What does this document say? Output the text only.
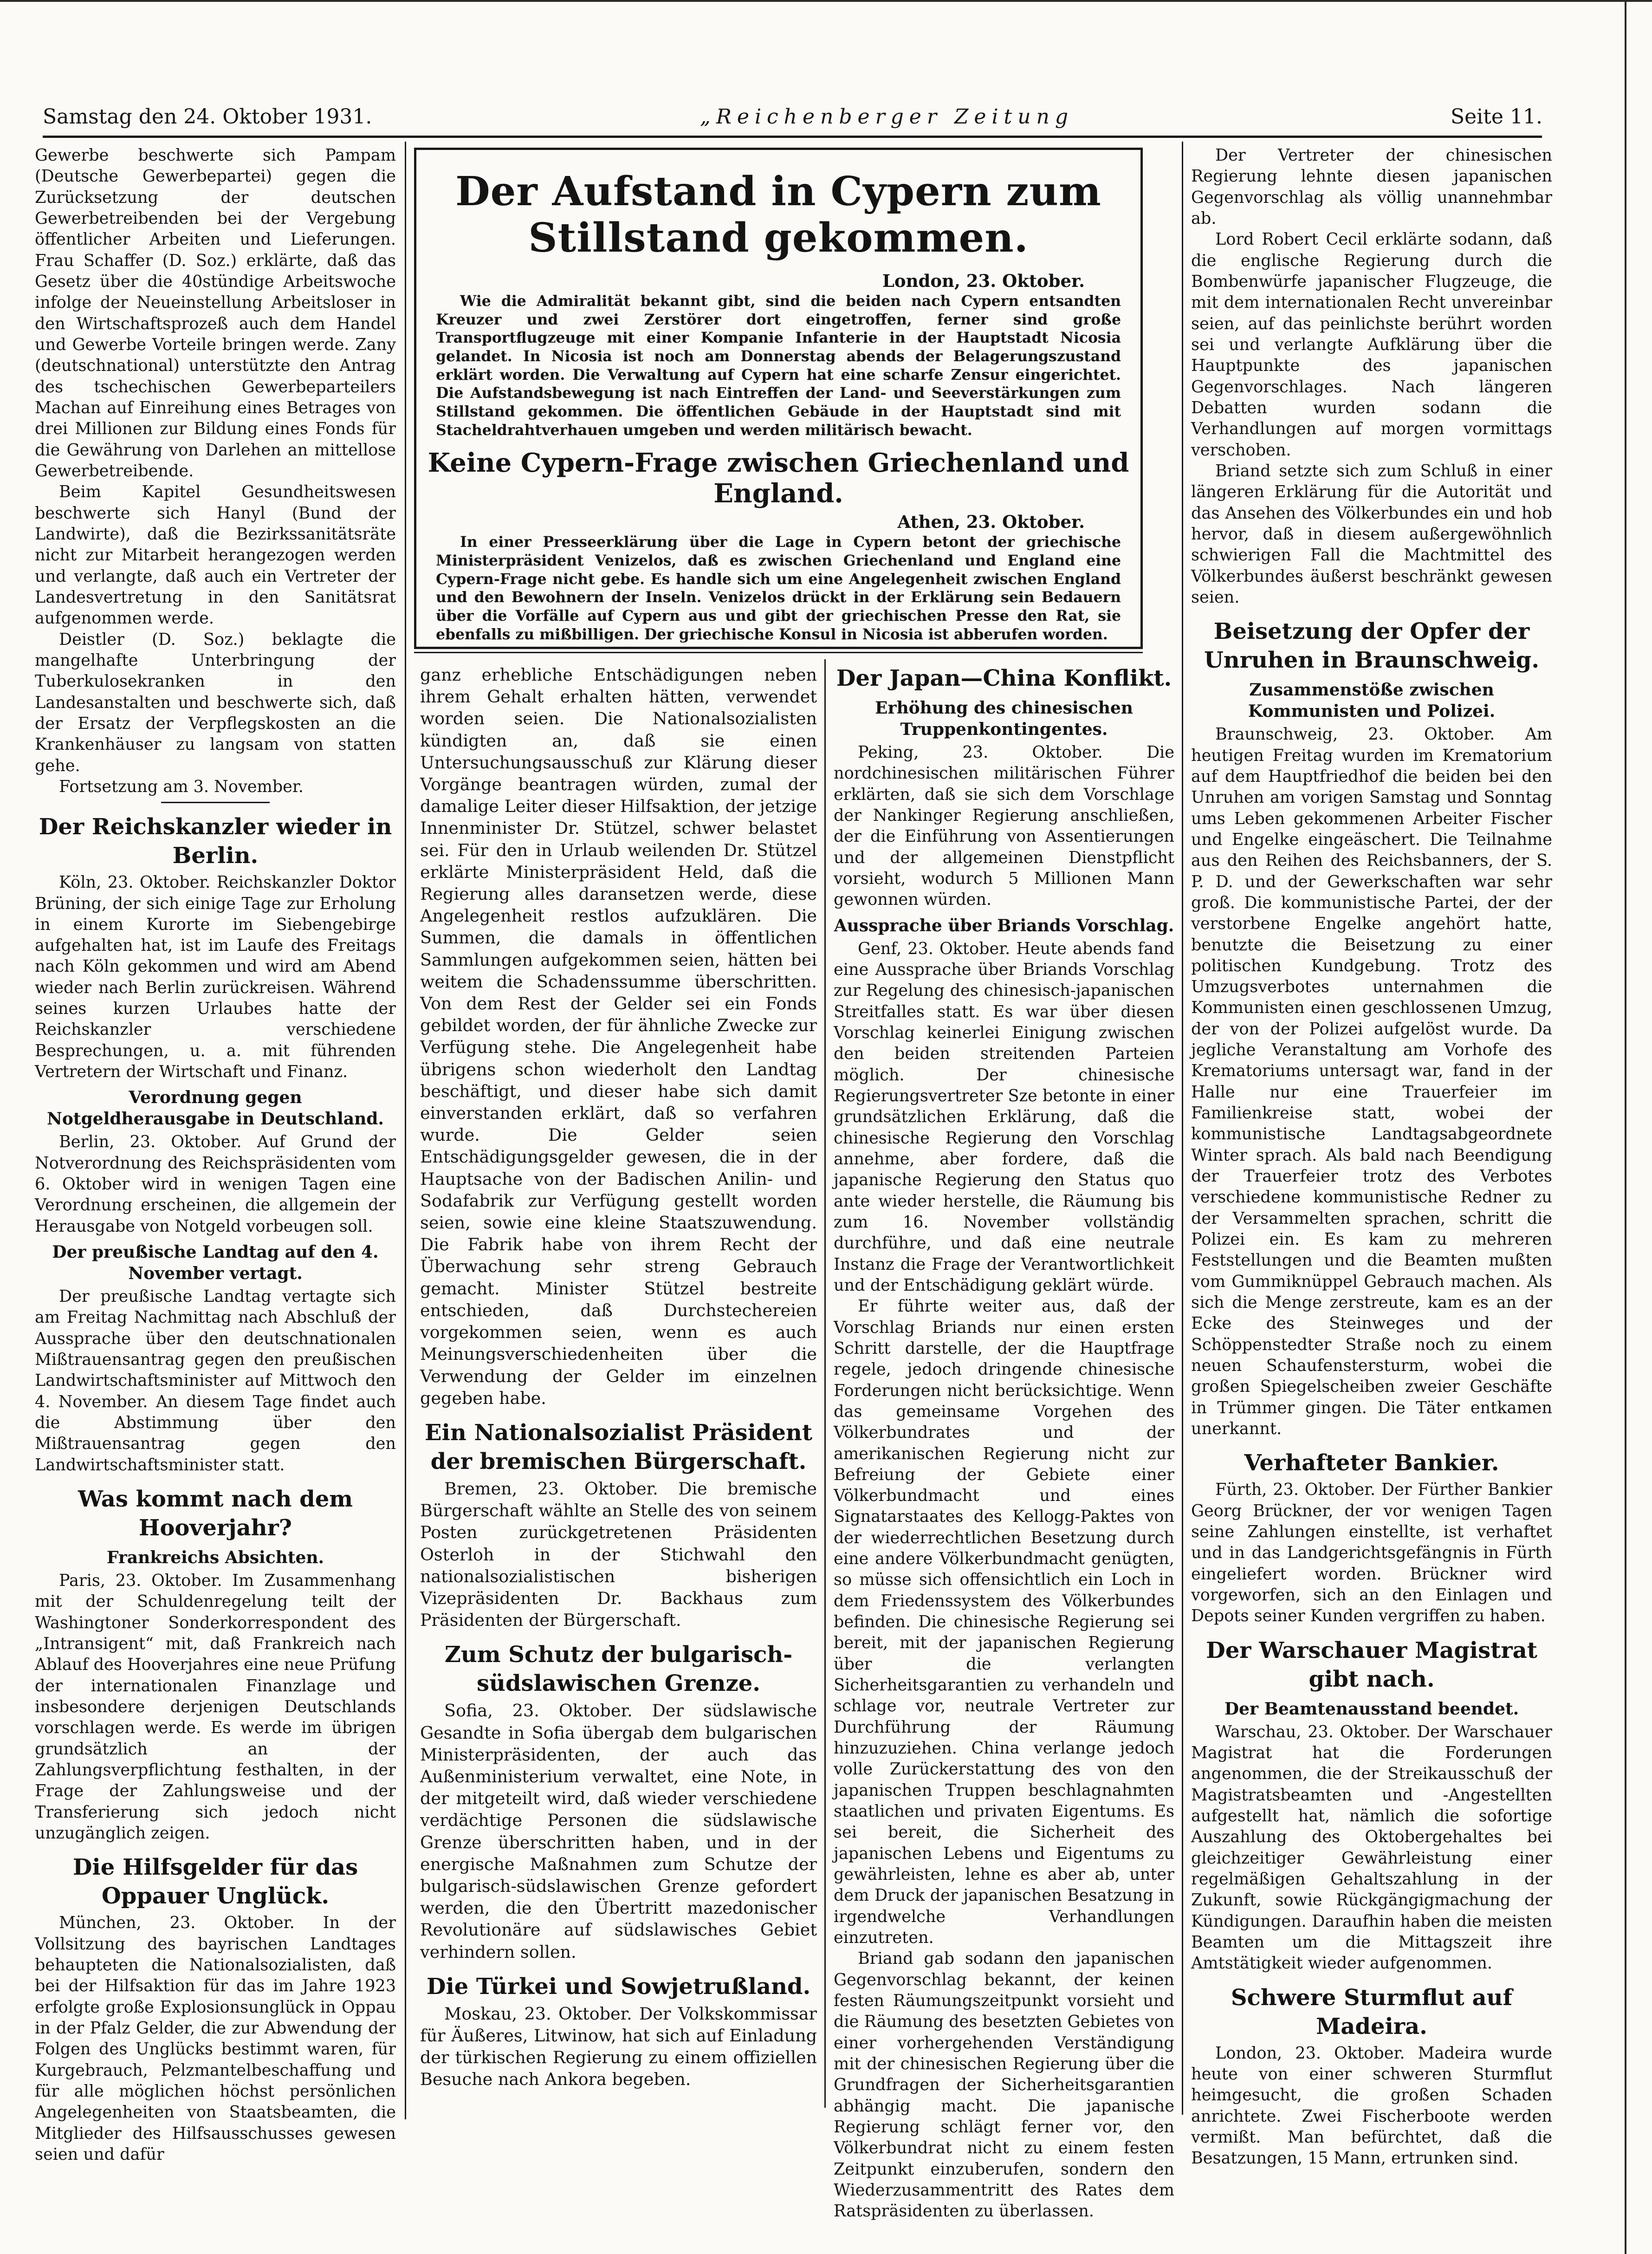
Samstag den 24. Oktober 1931.	„Reichenberger Zeitung	Seite 11.

Gewerbe beschwerte sich Pampam (Deutsche Gewerbepartei) gegen die Zurücksetzung der deutschen Gewerbetreibenden bei der Vergebung öffentlicher Arbeiten und Lieferungen. Frau Schaffer (D. Soz.) erklärte, daß das Gesetz über die 40stündige Arbeitswoche infolge der Neueinstellung Arbeitsloser in den Wirtschaftsprozeß auch dem Handel und Gewerbe Vorteile bringen werde. Zany (deutschnational) unterstützte den Antrag des tschechischen Gewerbeparteilers Machan auf Einreihung eines Betrages von drei Millionen zur Bildung eines Fonds für die Gewährung von Darlehen an mittellose Gewerbetreibende.

Beim Kapitel Gesundheitswesen beschwerte sich Hanyl (Bund der Landwirte), daß die Bezirkssanitätsräte nicht zur Mitarbeit herangezogen werden und verlangte, daß auch ein Vertreter der Landesvertretung in den Sanitätsrat aufgenommen werde.

Deistler (D. Soz.) beklagte die mangelhafte Unterbringung der Tuberkulosekranken in den Landesanstalten und beschwerte sich, daß der Ersatz der Verpflegskosten an die Krankenhäuser zu langsam von statten gehe.

Fortsetzung am 3. November.

Der Reichskanzler wieder in Berlin.

Köln, 23. Oktober. Reichskanzler Doktor Brüning, der sich einige Tage zur Erholung in einem Kurorte im Siebengebirge aufgehalten hat, ist im Laufe des Freitags nach Köln gekommen und wird am Abend wieder nach Berlin zurückreisen. Während seines kurzen Urlaubes hatte der Reichskanzler verschiedene Besprechungen, u. a. mit führenden Vertretern der Wirtschaft und Finanz.

Verordnung gegen Notgeldherausgabe in Deutschland.

Berlin, 23. Oktober. Auf Grund der Notverordnung des Reichspräsidenten vom 6. Oktober wird in wenigen Tagen eine Verordnung erscheinen, die allgemein der Herausgabe von Notgeld vorbeugen soll.

Der preußische Landtag auf den 4. November vertagt.

Der preußische Landtag vertagte sich am Freitag Nachmittag nach Abschluß der Aussprache über den deutschnationalen Mißtrauensantrag gegen den preußischen Landwirtschaftsminister auf Mittwoch den 4. November. An diesem Tage findet auch die Abstimmung über den Mißtrauensantrag gegen den Landwirtschaftsminister statt.

Was kommt nach dem Hooverjahr?
Frankreichs Absichten.

Paris, 23. Oktober. Im Zusammenhang mit der Schuldenregelung teilt der Washingtoner Sonderkorrespondent des „Intransigent“ mit, daß Frankreich nach Ablauf des Hooverjahres eine neue Prüfung der internationalen Finanzlage und insbesondere derjenigen Deutschlands vorschlagen werde. Es werde im übrigen grundsätzlich an der Zahlungsverpflichtung festhalten, in der Frage der Zahlungsweise und der Transferierung sich jedoch nicht unzugänglich zeigen.

Die Hilfsgelder für das Oppauer Unglück.

München, 23. Oktober. In der Vollsitzung des bayrischen Landtages behaupteten die Nationalsozialisten, daß bei der Hilfsaktion für das im Jahre 1923 erfolgte große Explosionsunglück in Oppau in der Pfalz Gelder, die zur Abwendung der Folgen des Unglücks bestimmt waren, für Kurgebrauch, Pelzmantelbeschaffung und für alle möglichen höchst persönlichen Angelegenheiten von Staatsbeamten, die Mitglieder des Hilfsausschusses gewesen seien und dafür

Der Aufstand in Cypern zum Stillstand gekommen.
London, 23. Oktober.

Wie die Admiralität bekannt gibt, sind die beiden nach Cypern entsandten Kreuzer und zwei Zerstörer dort eingetroffen, ferner sind große Transportflugzeuge mit einer Kompanie Infanterie in der Hauptstadt Nicosia gelandet. In Nicosia ist noch am Donnerstag abends der Belagerungszustand erklärt worden. Die Verwaltung auf Cypern hat eine scharfe Zensur eingerichtet. Die Aufstandsbewegung ist nach Eintreffen der Land- und Seeverstärkungen zum Stillstand gekommen. Die öffentlichen Gebäude in der Hauptstadt sind mit Stacheldrahtverhauen umgeben und werden militärisch bewacht.

Keine Cypern-Frage zwischen Griechenland und England.
Athen, 23. Oktober.

In einer Presseerklärung über die Lage in Cypern betont der griechische Ministerpräsident Venizelos, daß es zwischen Griechenland und England eine Cypern-Frage nicht gebe. Es handle sich um eine Angelegenheit zwischen England und den Bewohnern der Inseln. Venizelos drückt in der Erklärung sein Bedauern über die Vorfälle auf Cypern aus und gibt der griechischen Presse den Rat, sie ebenfalls zu mißbilligen. Der griechische Konsul in Nicosia ist abberufen worden.

ganz erhebliche Entschädigungen neben ihrem Gehalt erhalten hätten, verwendet worden seien. Die Nationalsozialisten kündigten an, daß sie einen Untersuchungsausschuß zur Klärung dieser Vorgänge beantragen würden, zumal der damalige Leiter dieser Hilfsaktion, der jetzige Innenminister Dr. Stützel, schwer belastet sei. Für den in Urlaub weilenden Dr. Stützel erklärte Ministerpräsident Held, daß die Regierung alles daransetzen werde, diese Angelegenheit restlos aufzuklären. Die Summen, die damals in öffentlichen Sammlungen aufgekommen seien, hätten bei weitem die Schadenssumme überschritten. Von dem Rest der Gelder sei ein Fonds gebildet worden, der für ähnliche Zwecke zur Verfügung stehe. Die Angelegenheit habe übrigens schon wiederholt den Landtag beschäftigt, und dieser habe sich damit einverstanden erklärt, daß so verfahren wurde. Die Gelder seien Entschädigungsgelder gewesen, die in der Hauptsache von der Badischen Anilin- und Sodafabrik zur Verfügung gestellt worden seien, sowie eine kleine Staatszuwendung. Die Fabrik habe von ihrem Recht der Überwachung sehr streng Gebrauch gemacht. Minister Stützel bestreite entschieden, daß Durchstechereien vorgekommen seien, wenn es auch Meinungsverschiedenheiten über die Verwendung der Gelder im einzelnen gegeben habe.

Ein Nationalsozialist Präsident der bremischen Bürgerschaft.

Bremen, 23. Oktober. Die bremische Bürgerschaft wählte an Stelle des von seinem Posten zurückgetretenen Präsidenten Osterloh in der Stichwahl den nationalsozialistischen bisherigen Vizepräsidenten Dr. Backhaus zum Präsidenten der Bürgerschaft.

Zum Schutz der bulgarisch-südslawischen Grenze.

Sofia, 23. Oktober. Der südslawische Gesandte in Sofia übergab dem bulgarischen Ministerpräsidenten, der auch das Außenministerium verwaltet, eine Note, in der mitgeteilt wird, daß wieder verschiedene verdächtige Personen die südslawische Grenze überschritten haben, und in der energische Maßnahmen zum Schutze der bulgarisch-südslawischen Grenze gefordert werden, die den Übertritt mazedonischer Revolutionäre auf südslawisches Gebiet verhindern sollen.

Die Türkei und Sowjetrußland.

Moskau, 23. Oktober. Der Volkskommissar für Äußeres, Litwinow, hat sich auf Einladung der türkischen Regierung zu einem offiziellen Besuche nach Ankora begeben.

Der Japan—China Konflikt.
Erhöhung des chinesischen Truppenkontingentes.

Peking, 23. Oktober. Die nordchinesischen militärischen Führer erklärten, daß sie sich dem Vorschlage der Nankinger Regierung anschließen, der die Einführung von Assentierungen und der allgemeinen Dienstpflicht vorsieht, wodurch 5 Millionen Mann gewonnen würden.

Aussprache über Briands Vorschlag.

Genf, 23. Oktober. Heute abends fand eine Aussprache über Briands Vorschlag zur Regelung des chinesisch-japanischen Streitfalles statt. Es war über diesen Vorschlag keinerlei Einigung zwischen den beiden streitenden Parteien möglich. Der chinesische Regierungsvertreter Sze betonte in einer grundsätzlichen Erklärung, daß die chinesische Regierung den Vorschlag annehme, aber fordere, daß die japanische Regierung den Status quo ante wieder herstelle, die Räumung bis zum 16. November vollständig durchführe, und daß eine neutrale Instanz die Frage der Verantwortlichkeit und der Entschädigung geklärt würde.

Er führte weiter aus, daß der Vorschlag Briands nur einen ersten Schritt darstelle, der die Hauptfrage regele, jedoch dringende chinesische Forderungen nicht berücksichtige. Wenn das gemeinsame Vorgehen des Völkerbundrates und der amerikanischen Regierung nicht zur Befreiung der Gebiete einer Völkerbundmacht und eines Signatarstaates des Kellogg-Paktes von der wiederrechtlichen Besetzung durch eine andere Völkerbundmacht genügten, so müsse sich offensichtlich ein Loch in dem Friedenssystem des Völkerbundes befinden. Die chinesische Regierung sei bereit, mit der japanischen Regierung über die verlangten Sicherheitsgarantien zu verhandeln und schlage vor, neutrale Vertreter zur Durchführung der Räumung hinzuzuziehen. China verlange jedoch volle Zurückerstattung des von den japanischen Truppen beschlagnahmten staatlichen und privaten Eigentums. Es sei bereit, die Sicherheit des japanischen Lebens und Eigentums zu gewährleisten, lehne es aber ab, unter dem Druck der japanischen Besatzung in irgendwelche Verhandlungen einzutreten.

Briand gab sodann den japanischen Gegenvorschlag bekannt, der keinen festen Räumungszeitpunkt vorsieht und die Räumung des besetzten Gebietes von einer vorhergehenden Verständigung mit der chinesischen Regierung über die Grundfragen der Sicherheitsgarantien abhängig macht. Die japanische Regierung schlägt ferner vor, den Völkerbundrat nicht zu einem festen Zeitpunkt einzuberufen, sondern den Wiederzusammentritt des Rates dem Ratspräsidenten zu überlassen.

Der Vertreter der chinesischen Regierung lehnte diesen japanischen Gegenvorschlag als völlig unannehmbar ab.

Lord Robert Cecil erklärte sodann, daß die englische Regierung durch die Bombenwürfe japanischer Flugzeuge, die mit dem internationalen Recht unvereinbar seien, auf das peinlichste berührt worden sei und verlangte Aufklärung über die Hauptpunkte des japanischen Gegenvorschlages. Nach längeren Debatten wurden sodann die Verhandlungen auf morgen vormittags verschoben.

Briand setzte sich zum Schluß in einer längeren Erklärung für die Autorität und das Ansehen des Völkerbundes ein und hob hervor, daß in diesem außergewöhnlich schwierigen Fall die Machtmittel des Völkerbundes äußerst beschränkt gewesen seien.

Beisetzung der Opfer der Unruhen in Braunschweig.
Zusammenstöße zwischen Kommunisten und Polizei.

Braunschweig, 23. Oktober. Am heutigen Freitag wurden im Krematorium auf dem Hauptfriedhof die beiden bei den Unruhen am vorigen Samstag und Sonntag ums Leben gekommenen Arbeiter Fischer und Engelke eingeäschert. Die Teilnahme aus den Reihen des Reichsbanners, der S. P. D. und der Gewerkschaften war sehr groß. Die kommunistische Partei, der der verstorbene Engelke angehört hatte, benutzte die Beisetzung zu einer politischen Kundgebung. Trotz des Umzugsverbotes unternahmen die Kommunisten einen geschlossenen Umzug, der von der Polizei aufgelöst wurde. Da jegliche Veranstaltung am Vorhofe des Krematoriums untersagt war, fand in der Halle nur eine Trauerfeier im Familienkreise statt, wobei der kommunistische Landtagsabgeordnete Winter sprach. Als bald nach Beendigung der Trauerfeier trotz des Verbotes verschiedene kommunistische Redner zu der Versammelten sprachen, schritt die Polizei ein. Es kam zu mehreren Feststellungen und die Beamten mußten vom Gummiknüppel Gebrauch machen. Als sich die Menge zerstreute, kam es an der Ecke des Steinweges und der Schöppenstedter Straße noch zu einem neuen Schaufenstersturm, wobei die großen Spiegelscheiben zweier Geschäfte in Trümmer gingen. Die Täter entkamen unerkannt.

Verhafteter Bankier.

Fürth, 23. Oktober. Der Fürther Bankier Georg Brückner, der vor wenigen Tagen seine Zahlungen einstellte, ist verhaftet und in das Landgerichtsgefängnis in Fürth eingeliefert worden. Brückner wird vorgeworfen, sich an den Einlagen und Depots seiner Kunden vergriffen zu haben.

Der Warschauer Magistrat gibt nach.
Der Beamtenausstand beendet.

Warschau, 23. Oktober. Der Warschauer Magistrat hat die Forderungen angenommen, die der Streikausschuß der Magistratsbeamten und -Angestellten aufgestellt hat, nämlich die sofortige Auszahlung des Oktobergehaltes bei gleichzeitiger Gewährleistung einer regelmäßigen Gehaltszahlung in der Zukunft, sowie Rückgängigmachung der Kündigungen. Daraufhin haben die meisten Beamten um die Mittagszeit ihre Amtstätigkeit wieder aufgenommen.

Schwere Sturmflut auf Madeira.

London, 23. Oktober. Madeira wurde heute von einer schweren Sturmflut heimgesucht, die großen Schaden anrichtete. Zwei Fischerboote werden vermißt. Man befürchtet, daß die Besatzungen, 15 Mann, ertrunken sind.
